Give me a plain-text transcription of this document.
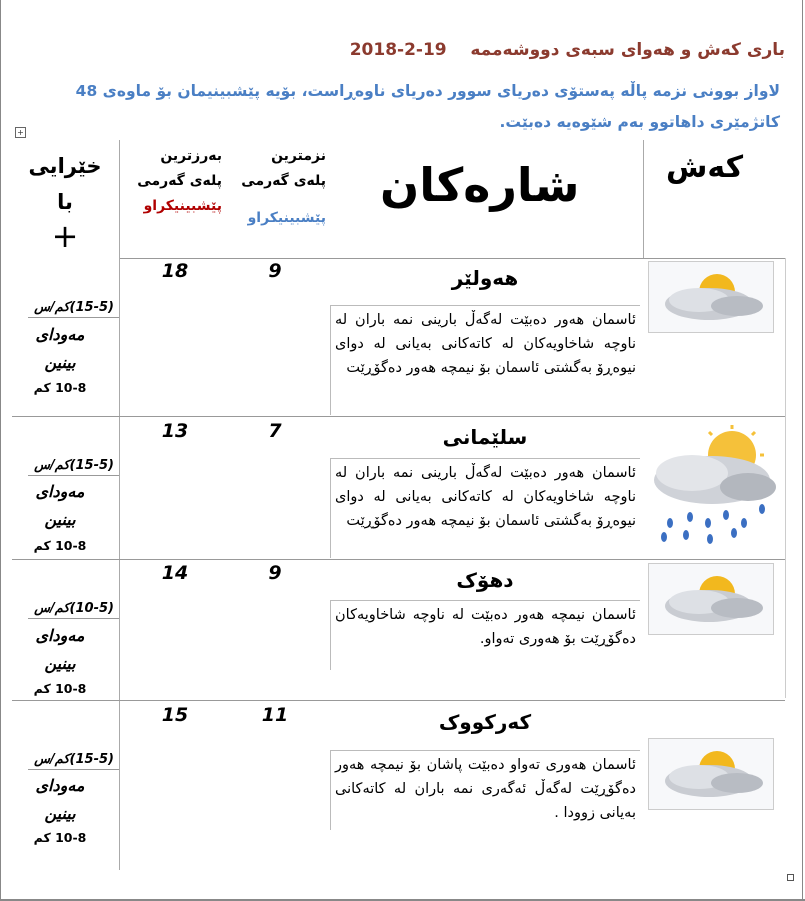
+
باری کەش و هەوای سبەی دووشەممە    2018-2-19
لاواز بوونی نزمە پاڵە پەستۆی دەریای سوور دەریای ناوەڕاست، بۆیە پێشبینیمان بۆ ماوەی 48 کاتژمێری داهاتوو بەم شێوەیە دەبێت.
کەش
شارەکان
نزمترین
پلەی گەرمی
پێشبینیکراو
بەرزترین
پلەی گەرمی
پێشبینیکراو
خێرایی
با
+
هەولێر
ئاسمان هەور دەبێت لەگەڵ بارینی نمە باران لە ناوچە شاخاویەکان لە کاتەکانی بەیانی لە دوای نیوەڕۆ بەگشتی ئاسمان بۆ نیمچە هەور دەگۆڕێت
9
18
(15-5)کم/س
مەودای
بینین
10-8 کم
سلێمانی
ئاسمان هەور دەبێت لەگەڵ بارینی نمە باران لە ناوچە شاخاویەکان لە کاتەکانی بەیانی لە دوای نیوەڕۆ بەگشتی ئاسمان بۆ نیمچە هەور دەگۆڕێت
7
13
(15-5)کم/س
مەودای
بینین
10-8 کم
دهۆک
ئاسمان نیمچە هەور دەبێت لە ناوچە شاخاویەکان دەگۆڕێت بۆ هەوری تەواو.
9
14
(10-5)کم/س
مەودای
بینین
10-8 کم
کەرکووک
ئاسمان هەوری تەواو دەبێت پاشان بۆ نیمچە هەور دەگۆڕێت لەگەڵ ئەگەری نمە باران لە کاتەکانی بەیانی زوودا .
11
15
(15-5)کم/س
مەودای
بینین
10-8 کم
